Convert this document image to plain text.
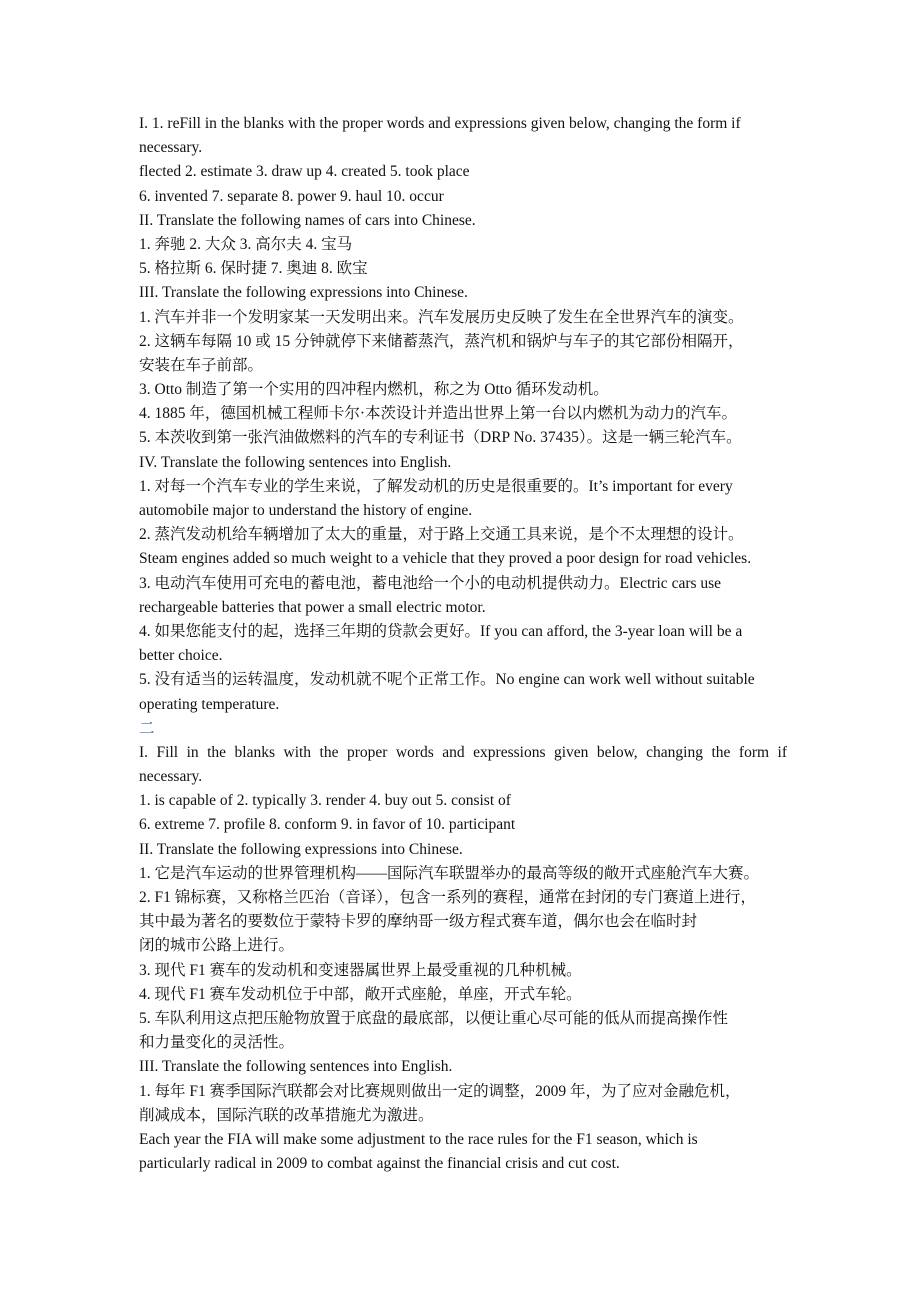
I. 1. reFill in the blanks with the proper words and expressions given below, changing the form if
necessary.
flected 2. estimate 3. draw up 4. created 5. took place
6. invented 7. separate 8. power 9. haul 10. occur
II. Translate the following names of cars into Chinese.
1. 奔驰 2. 大众 3. 高尔夫 4. 宝马
5. 格拉斯 6. 保时捷 7. 奥迪 8. 欧宝
III. Translate the following expressions into Chinese.
1. 汽车并非一个发明家某一天发明出来。汽车发展历史反映了发生在全世界汽车的演变。
2. 这辆车每隔 10 或 15 分钟就停下来储蓄蒸汽，蒸汽机和锅炉与车子的其它部份相隔开，
安装在车子前部。
3. Otto 制造了第一个实用的四冲程内燃机，称之为 Otto 循环发动机。
4. 1885 年，德国机械工程师卡尔·本茨设计并造出世界上第一台以内燃机为动力的汽车。
5. 本茨收到第一张汽油做燃料的汽车的专利证书（DRP No. 37435）。这是一辆三轮汽车。
IV. Translate the following sentences into English.
1. 对每一个汽车专业的学生来说，了解发动机的历史是很重要的。It’s important for every
automobile major to understand the history of engine.
2. 蒸汽发动机给车辆增加了太大的重量，对于路上交通工具来说，是个不太理想的设计。
Steam engines added so much weight to a vehicle that they proved a poor design for road vehicles.
3. 电动汽车使用可充电的蓄电池，蓄电池给一个小的电动机提供动力。Electric cars use
rechargeable batteries that power a small electric motor.
4. 如果您能支付的起，选择三年期的贷款会更好。If you can afford, the 3-year loan will be a
better choice.
5. 没有适当的运转温度，发动机就不呢个正常工作。No engine can work well without suitable
operating temperature.
二
I. Fill in the blanks with the proper words and expressions given below, changing the form if
necessary.
1. is capable of 2. typically 3. render 4. buy out 5. consist of
6. extreme 7. profile 8. conform 9. in favor of 10. participant
II. Translate the following expressions into Chinese.
1. 它是汽车运动的世界管理机构——国际汽车联盟举办的最高等级的敞开式座舱汽车大赛。
2. F1 锦标赛，又称格兰匹治（音译），包含一系列的赛程，通常在封闭的专门赛道上进行，
其中最为著名的要数位于蒙特卡罗的摩纳哥一级方程式赛车道，偶尔也会在临时封
闭的城市公路上进行。
3. 现代 F1 赛车的发动机和变速器属世界上最受重视的几种机械。
4. 现代 F1 赛车发动机位于中部，敞开式座舱，单座，开式车轮。
5. 车队利用这点把压舱物放置于底盘的最底部，以便让重心尽可能的低从而提高操作性
和力量变化的灵活性。
III. Translate the following sentences into English.
1. 每年 F1 赛季国际汽联都会对比赛规则做出一定的调整，2009 年，为了应对金融危机，
削减成本，国际汽联的改革措施尤为激进。
Each year the FIA will make some adjustment to the race rules for the F1 season, which is
particularly radical in 2009 to combat against the financial crisis and cut cost.
